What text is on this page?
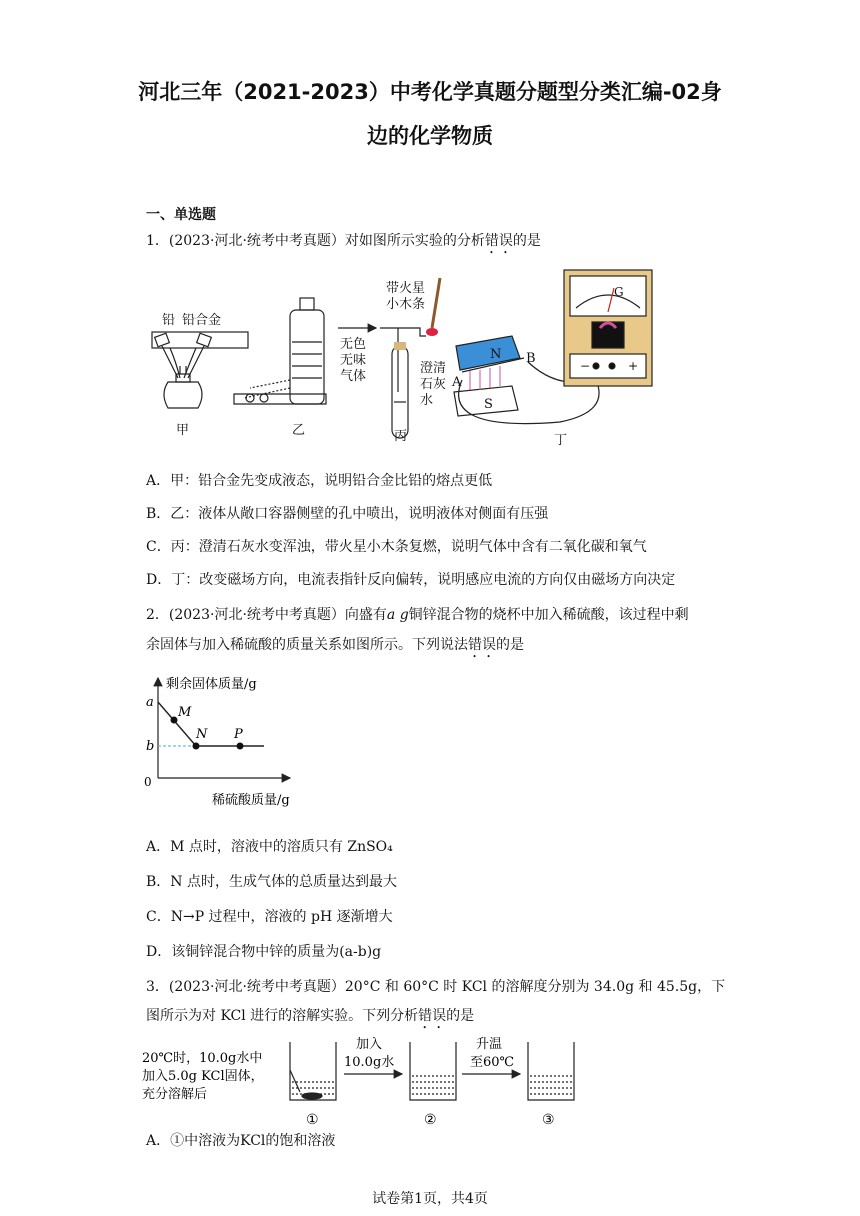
河北三年（2021-2023）中考化学真题分题型分类汇编-02身
边的化学物质
一、单选题
1．(2023·河北·统考中考真题）对如图所示实验的分析错误的是
铅 铅合金
甲	乙
无色
无味
气体
带火星
小木条
澄清
石灰
水
丙
N
S
A
B
G
−	+
丁
A．甲：铅合金先变成液态，说明铅合金比铅的熔点更低
B．乙：液体从敞口容器侧壁的孔中喷出，说明液体对侧面有压强
C．丙：澄清石灰水变浑浊，带火星小木条复燃，说明气体中含有二氧化碳和氧气
D．丁：改变磁场方向，电流表指针反向偏转，说明感应电流的方向仅由磁场方向决定
2．(2023·河北·统考中考真题）向盛有a g铜锌混合物的烧杯中加入稀硫酸，该过程中剩
余固体与加入稀硫酸的质量关系如图所示。下列说法错误的是
剩余固体质量/g
稀硫酸质量/g
0
a
b
M
N P
A．M 点时，溶液中的溶质只有 ZnSO₄
B．N 点时，生成气体的总质量达到最大
C．N→P 过程中，溶液的 pH 逐渐增大
D．该铜锌混合物中锌的质量为(a-b)g
3．(2023·河北·统考中考真题）20°C 和 60°C 时 KCl 的溶解度分别为 34.0g 和 45.5g，下
图所示为对 KCl 进行的溶解实验。下列分析错误的是
20℃时，10.0g水中
加入5.0g KCl固体，
充分溶解后
①
加入
10.0g水
②
升温
至60℃
③
A．①中溶液为KCl的饱和溶液
试卷第1页，共4页
